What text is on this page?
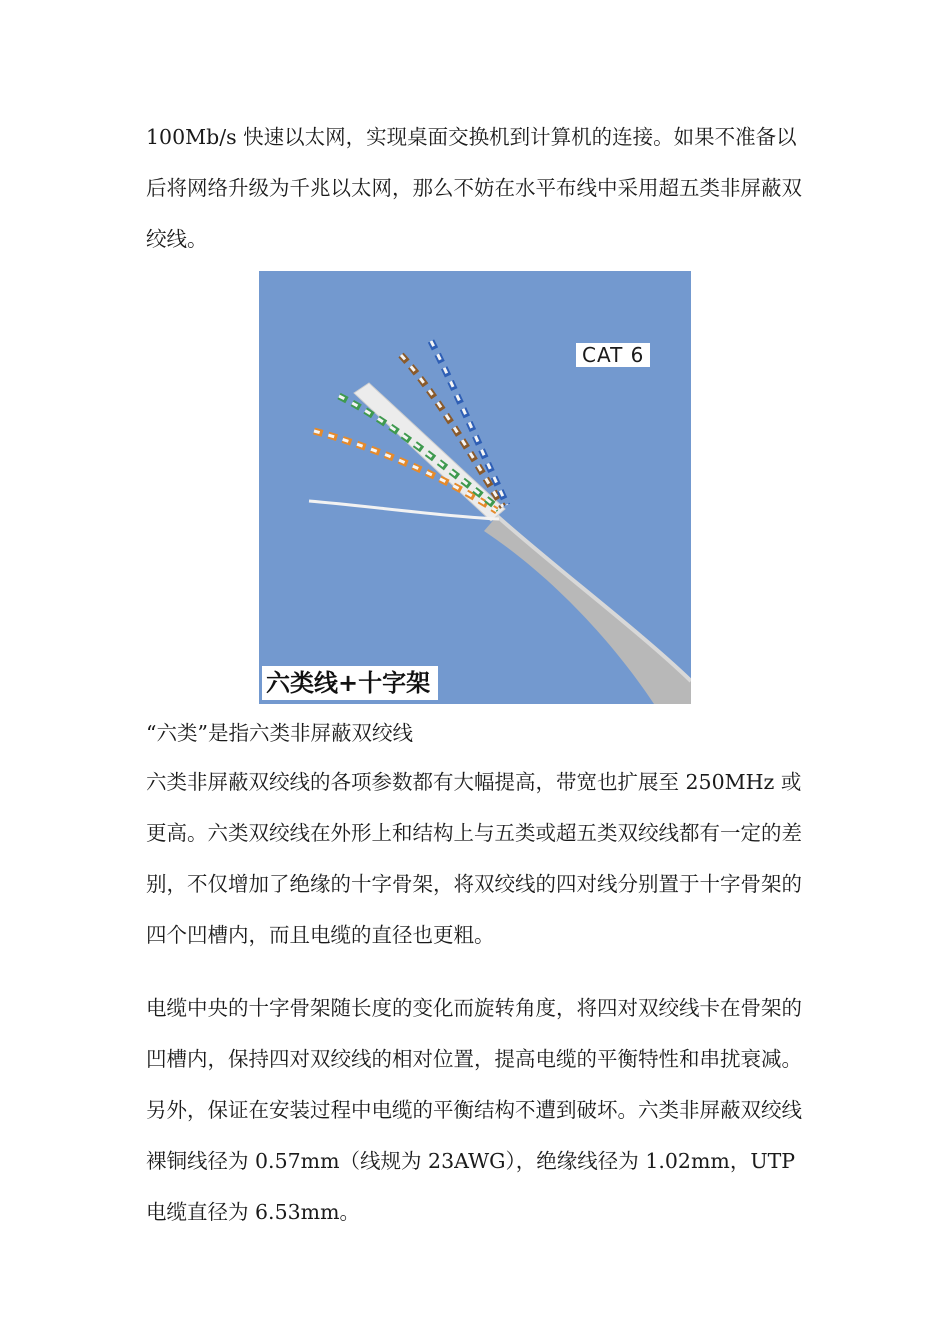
100Mb/s 快速以太网，实现桌面交换机到计算机的连接。如果不准备以后将网络升级为千兆以太网，那么不妨在水平布线中采用超五类非屏蔽双绞线。

CAT 6
六类线+十字架

“六类”是指六类非屏蔽双绞线

六类非屏蔽双绞线的各项参数都有大幅提高，带宽也扩展至 250MHz 或更高。六类双绞线在外形上和结构上与五类或超五类双绞线都有一定的差别，不仅增加了绝缘的十字骨架，将双绞线的四对线分别置于十字骨架的四个凹槽内，而且电缆的直径也更粗。

电缆中央的十字骨架随长度的变化而旋转角度，将四对双绞线卡在骨架的凹槽内，保持四对双绞线的相对位置，提高电缆的平衡特性和串扰衰减。另外，保证在安装过程中电缆的平衡结构不遭到破坏。六类非屏蔽双绞线裸铜线径为 0.57mm（线规为 23AWG），绝缘线径为 1.02mm，UTP 电缆直径为 6.53mm。
